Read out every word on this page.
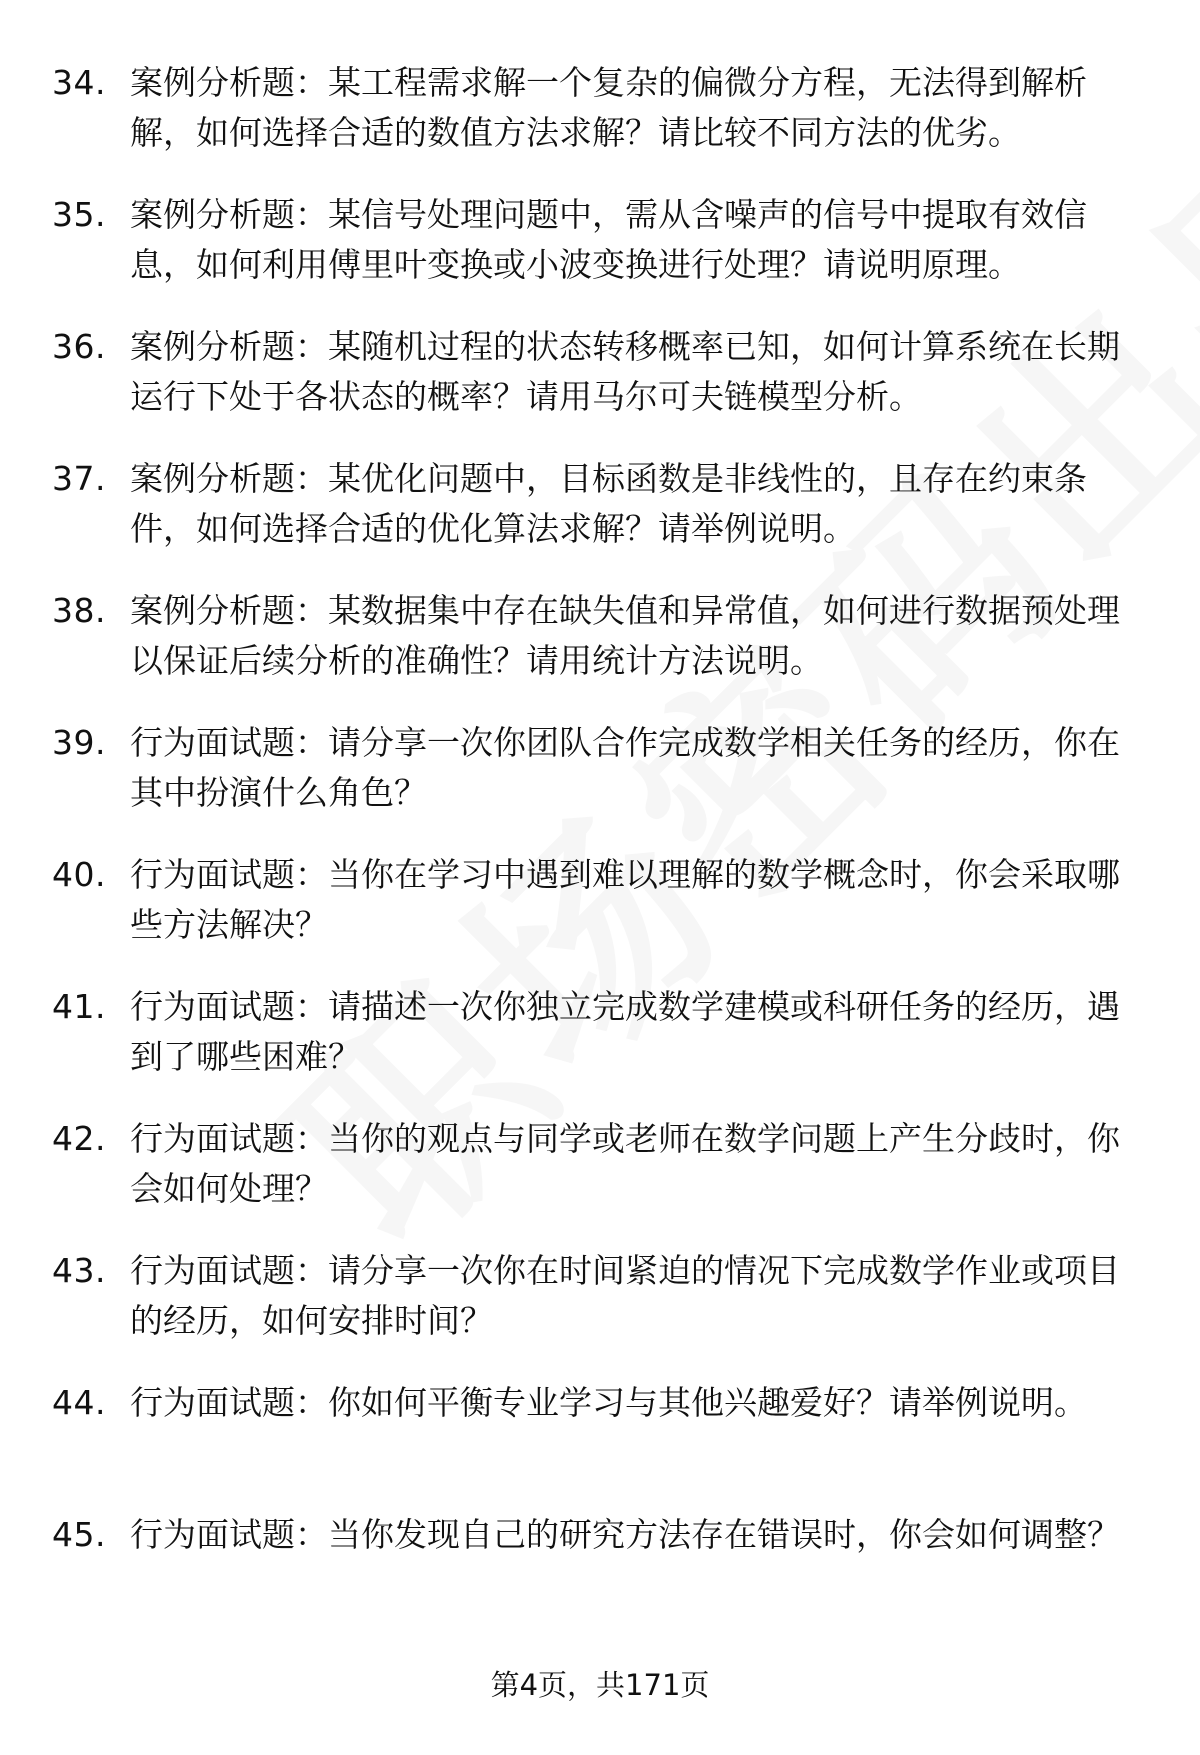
34. 案例分析题：某工程需求解一个复杂的偏微分方程，无法得到解析解，如何选择合适的数值方法求解？请比较不同方法的优劣。
35. 案例分析题：某信号处理问题中，需从含噪声的信号中提取有效信息，如何利用傅里叶变换或小波变换进行处理？请说明原理。
36. 案例分析题：某随机过程的状态转移概率已知，如何计算系统在长期运行下处于各状态的概率？请用马尔可夫链模型分析。
37. 案例分析题：某优化问题中，目标函数是非线性的，且存在约束条件，如何选择合适的优化算法求解？请举例说明。
38. 案例分析题：某数据集中存在缺失值和异常值，如何进行数据预处理以保证后续分析的准确性？请用统计方法说明。
39. 行为面试题：请分享一次你团队合作完成数学相关任务的经历，你在其中扮演什么角色？
40. 行为面试题：当你在学习中遇到难以理解的数学概念时，你会采取哪些方法解决？
41. 行为面试题：请描述一次你独立完成数学建模或科研任务的经历，遇到了哪些困难？
42. 行为面试题：当你的观点与同学或老师在数学问题上产生分歧时，你会如何处理？
43. 行为面试题：请分享一次你在时间紧迫的情况下完成数学作业或项目的经历，如何安排时间？
44. 行为面试题：你如何平衡专业学习与其他兴趣爱好？请举例说明。
45. 行为面试题：当你发现自己的研究方法存在错误时，你会如何调整？
第4页，共171页
